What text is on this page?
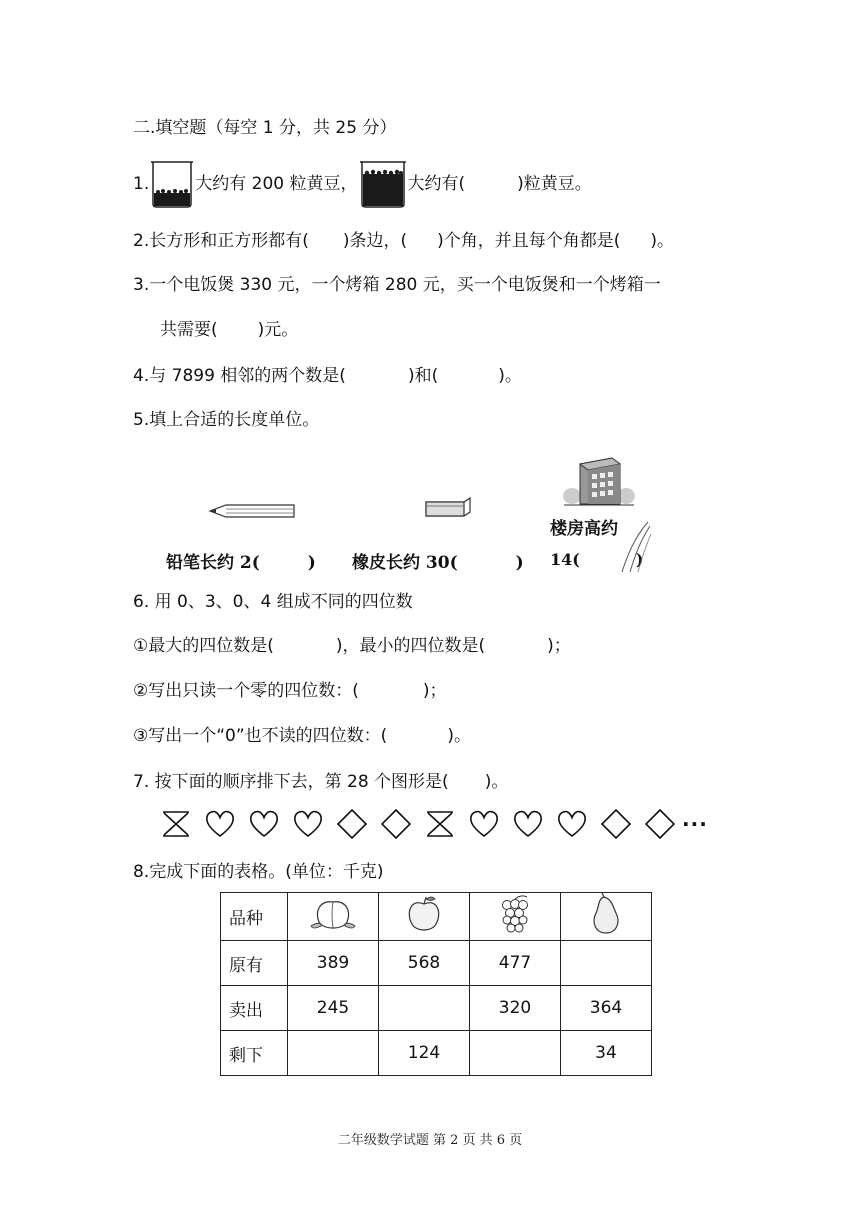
二.填空题（每空 1 分，共 25 分）
1.	大约有 200 粒黄豆，	大约有(	)粒黄豆。
2.长方形和正方形都有( )条边，( )个角，并且每个角都是( )。
3.一个电饭煲 330 元，一个烤箱 280 元，买一个电饭煲和一个烤箱一
共需要( )元。
4.与 7899 相邻的两个数是(	)和(	)。
5.填上合适的长度单位。
铅笔长约 2(	) 橡皮长约 30(	)
楼房高约
14(	)
6. 用 0、3、0、4 组成不同的四位数
①最大的四位数是(	)，最小的四位数是(	)；
②写出只读一个零的四位数：(	)；
③写出一个“0”也不读的四位数：(	)。
7. 按下面的顺序排下去，第 28 个图形是( )。
···
8.完成下面的表格。(单位：千克)
品种				
原有	389	568	477	
卖出	245		320	364
剩下		124		34
二年级数学试题 第 2 页 共 6 页
